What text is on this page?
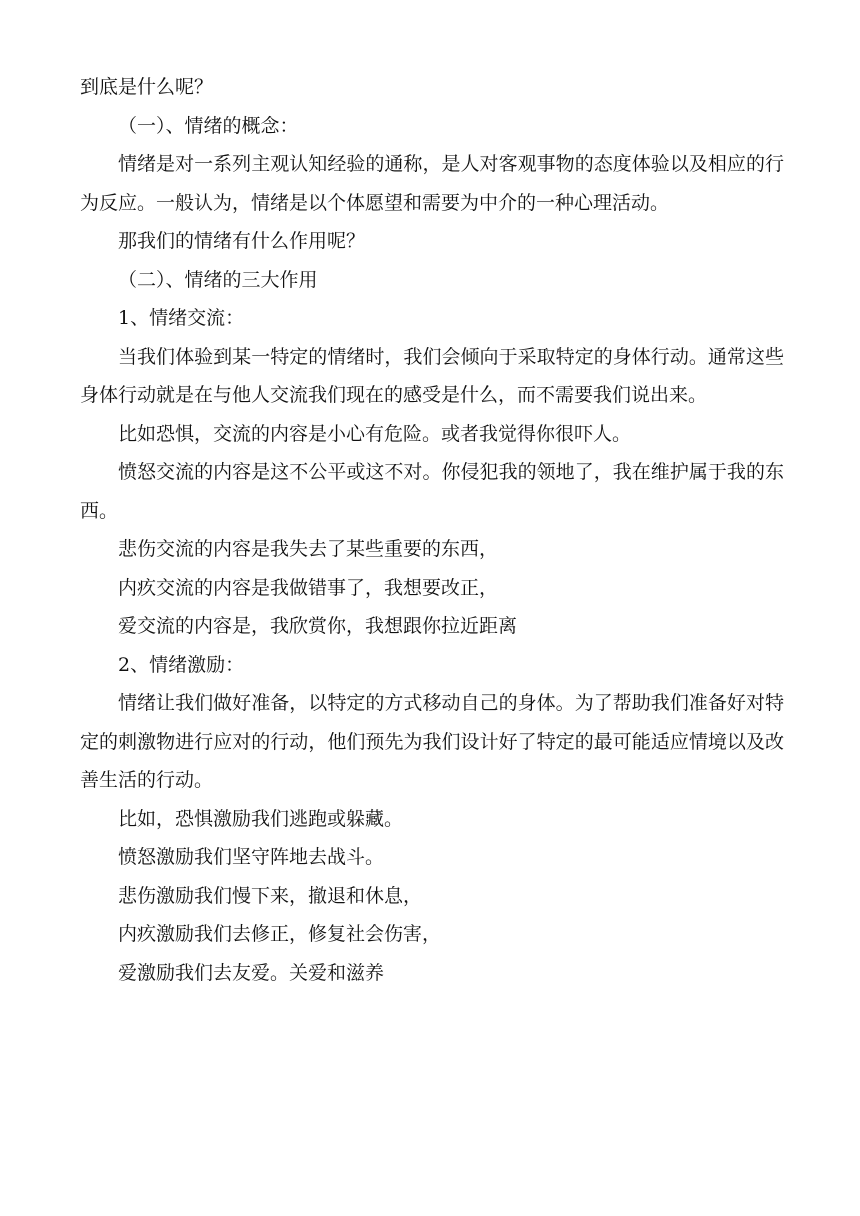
到底是什么呢？

（一）、情绪的概念：

情绪是对一系列主观认知经验的通称，是人对客观事物的态度体验以及相应的行为反应。一般认为，情绪是以个体愿望和需要为中介的一种心理活动。

那我们的情绪有什么作用呢？

（二）、情绪的三大作用

1、情绪交流：

当我们体验到某一特定的情绪时，我们会倾向于采取特定的身体行动。通常这些身体行动就是在与他人交流我们现在的感受是什么，而不需要我们说出来。

比如恐惧，交流的内容是小心有危险。或者我觉得你很吓人。

愤怒交流的内容是这不公平或这不对。你侵犯我的领地了，我在维护属于我的东西。

悲伤交流的内容是我失去了某些重要的东西，

内疚交流的内容是我做错事了，我想要改正，

爱交流的内容是，我欣赏你，我想跟你拉近距离

2、情绪激励：

情绪让我们做好准备，以特定的方式移动自己的身体。为了帮助我们准备好对特定的刺激物进行应对的行动，他们预先为我们设计好了特定的最可能适应情境以及改善生活的行动。

比如，恐惧激励我们逃跑或躲藏。

愤怒激励我们坚守阵地去战斗。

悲伤激励我们慢下来，撤退和休息，

内疚激励我们去修正，修复社会伤害，

爱激励我们去友爱。关爱和滋养
